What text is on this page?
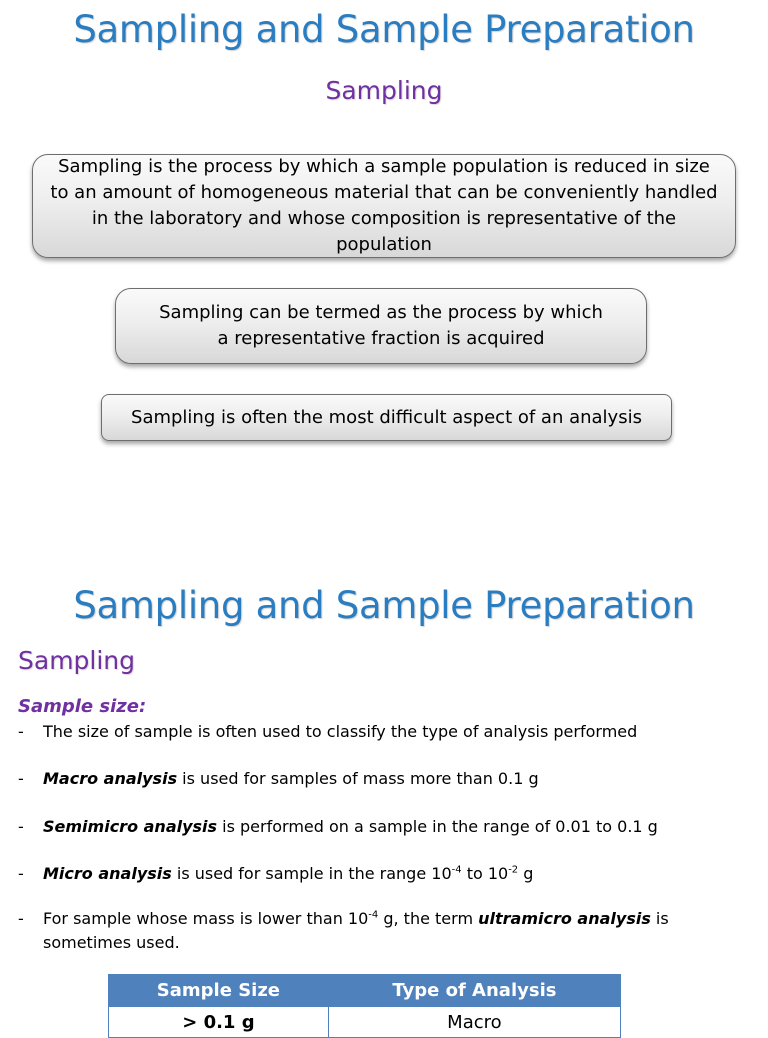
Sampling and Sample Preparation
Sampling
Sampling is the process by which a sample population is reduced in size to an amount of homogeneous material that can be conveniently handled in the laboratory and whose composition is representative of the population
Sampling can be termed as the process by which a representative fraction is acquired
Sampling is often the most difficult aspect of an analysis
Sampling and Sample Preparation
Sampling
Sample size:
- The size of sample is often used to classify the type of analysis performed
- Macro analysis is used for samples of mass more than 0.1 g
- Semimicro analysis is performed on a sample in the range of 0.01 to 0.1 g
- Micro analysis is used for sample in the range $10^{-4}$ to $10^{-2}$ g
- For sample whose mass is lower than $10^{-4}$ g, the term ultramicro analysis is sometimes used.
Sample Size	Type of Analysis
> 0.1 g	Macro
